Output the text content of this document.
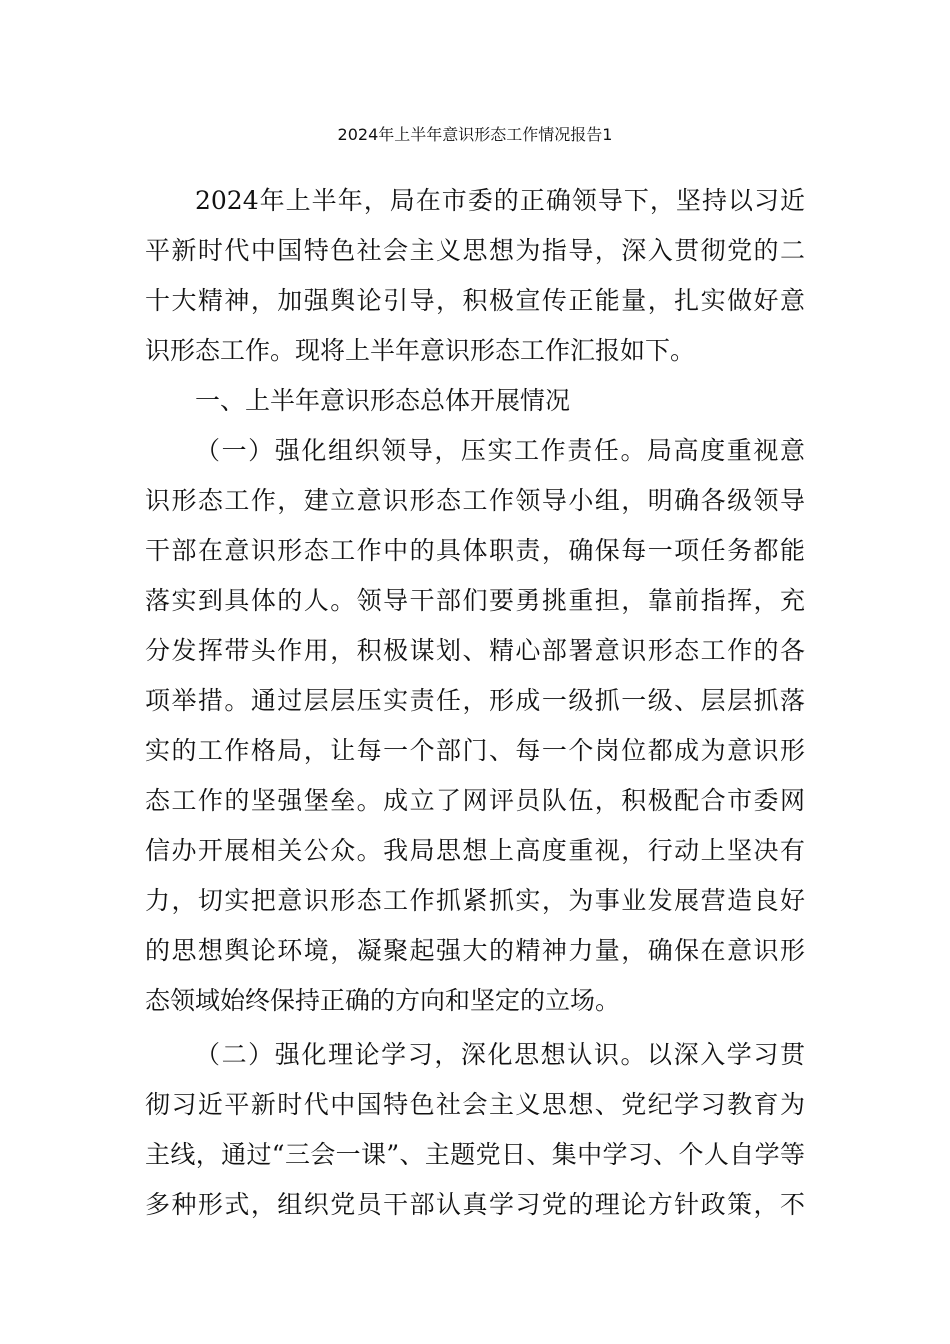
2024年上半年意识形态工作情况报告1
2024年上半年，局在市委的正确领导下，坚持以习近
平新时代中国特色社会主义思想为指导，深入贯彻党的二
十大精神，加强舆论引导，积极宣传正能量，扎实做好意
识形态工作。现将上半年意识形态工作汇报如下。
一、上半年意识形态总体开展情况
（一）强化组织领导，压实工作责任。局高度重视意
识形态工作，建立意识形态工作领导小组，明确各级领导
干部在意识形态工作中的具体职责，确保每一项任务都能
落实到具体的人。领导干部们要勇挑重担，靠前指挥，充
分发挥带头作用，积极谋划、精心部署意识形态工作的各
项举措。通过层层压实责任，形成一级抓一级、层层抓落
实的工作格局，让每一个部门、每一个岗位都成为意识形
态工作的坚强堡垒。成立了网评员队伍，积极配合市委网
信办开展相关公众。我局思想上高度重视，行动上坚决有
力，切实把意识形态工作抓紧抓实，为事业发展营造良好
的思想舆论环境，凝聚起强大的精神力量，确保在意识形
态领域始终保持正确的方向和坚定的立场。
（二）强化理论学习，深化思想认识。以深入学习贯
彻习近平新时代中国特色社会主义思想、党纪学习教育为
主线，通过“三会一课”、主题党日、集中学习、个人自学等
多种形式，组织党员干部认真学习党的理论方针政策，不
